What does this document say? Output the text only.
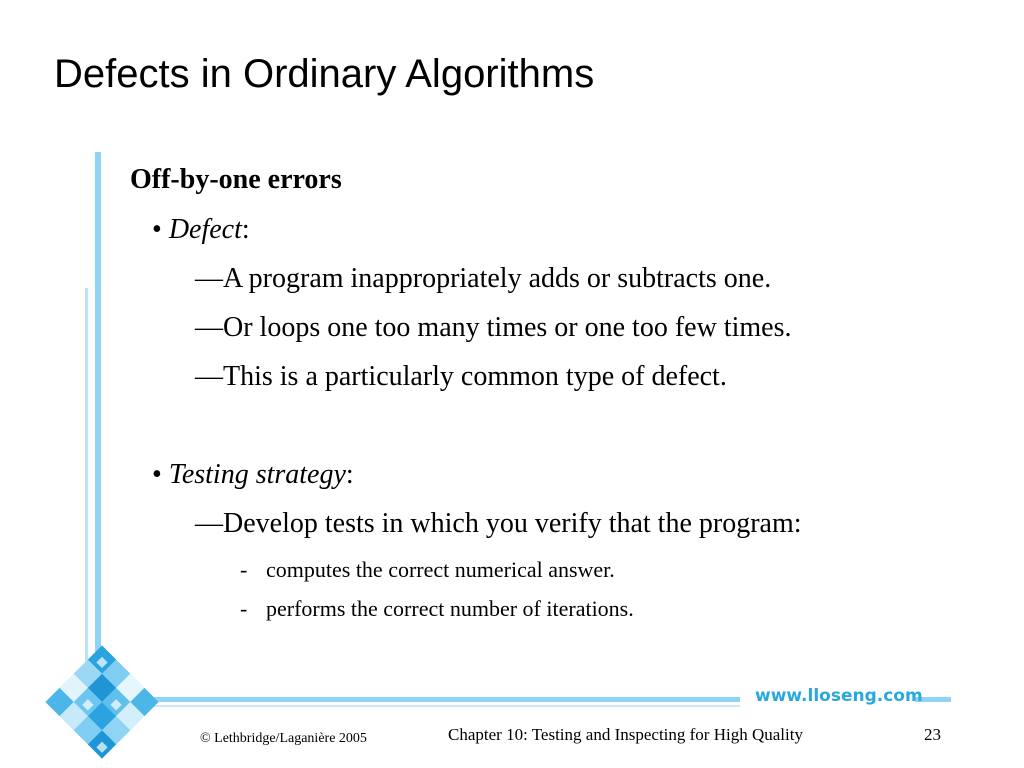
Defects in Ordinary Algorithms
Off-by-one errors
• Defect:
—A program inappropriately adds or subtracts one.
—Or loops one too many times or one too few times.
—This is a particularly common type of defect.
• Testing strategy:
—Develop tests in which you verify that the program:
- computes the correct numerical answer.
- performs the correct number of iterations.
www.lloseng.com
© Lethbridge/Laganière 2005	Chapter 10: Testing and Inspecting for High Quality	23
